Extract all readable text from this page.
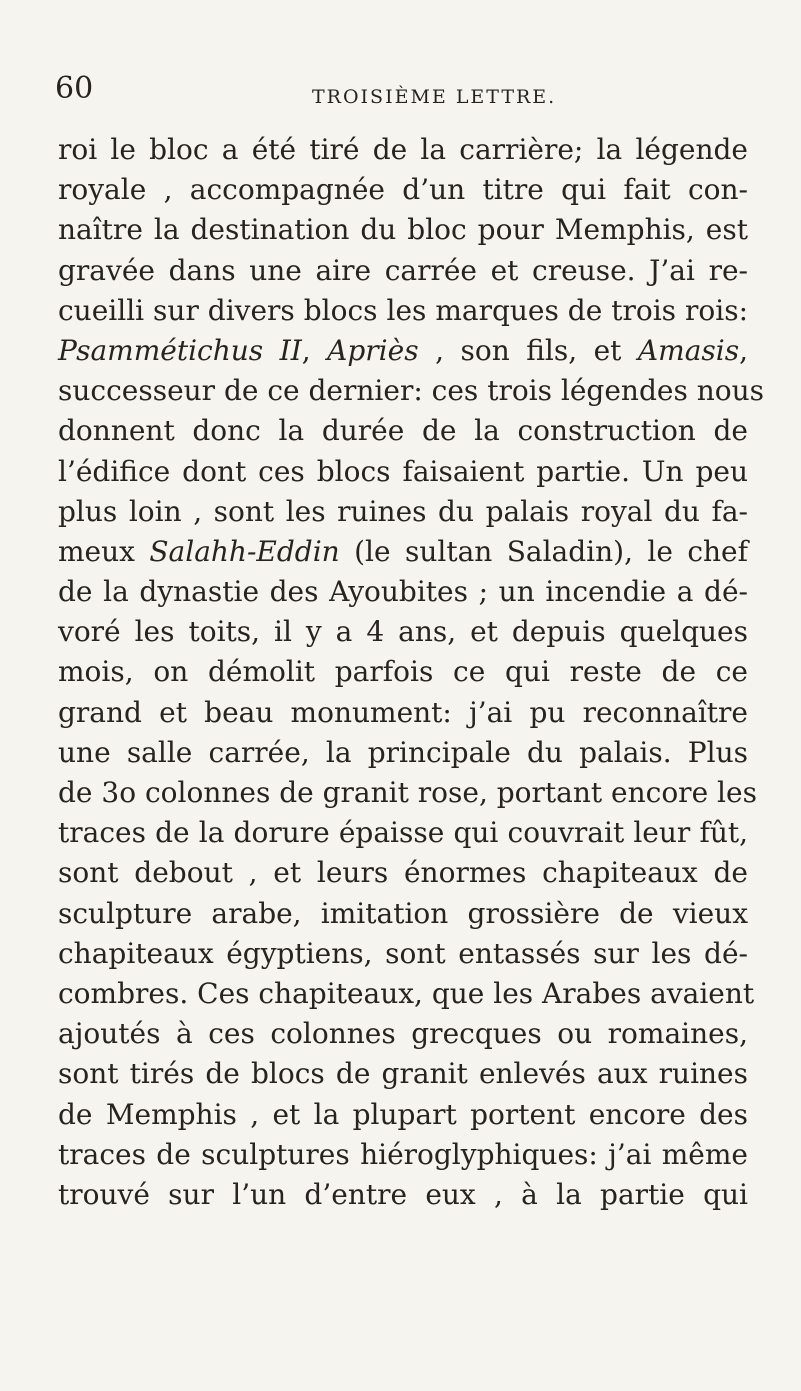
60	TROISIÈME LETTRE.
roi le bloc a été tiré de la carrière; la légende
royale , accompagnée d’un titre qui fait con-
naître la destination du bloc pour Memphis, est
gravée dans une aire carrée et creuse. J’ai re-
cueilli sur divers blocs les marques de trois rois:
Psammétichus II, Apriès , son fils, et Amasis,
successeur de ce dernier: ces trois légendes nous
donnent donc la durée de la construction de
l’édifice dont ces blocs faisaient partie. Un peu
plus loin , sont les ruines du palais royal du fa-
meux Salahh-Eddin (le sultan Saladin), le chef
de la dynastie des Ayoubites ; un incendie a dé-
voré les toits, il y a 4 ans, et depuis quelques
mois, on démolit parfois ce qui reste de ce
grand et beau monument: j’ai pu reconnaître
une salle carrée, la principale du palais. Plus
de 3o colonnes de granit rose, portant encore les
traces de la dorure épaisse qui couvrait leur fût,
sont debout , et leurs énormes chapiteaux de
sculpture arabe, imitation grossière de vieux
chapiteaux égyptiens, sont entassés sur les dé-
combres. Ces chapiteaux, que les Arabes avaient
ajoutés à ces colonnes grecques ou romaines,
sont tirés de blocs de granit enlevés aux ruines
de Memphis , et la plupart portent encore des
traces de sculptures hiéroglyphiques: j’ai même
trouvé sur l’un d’entre eux , à la partie qui
